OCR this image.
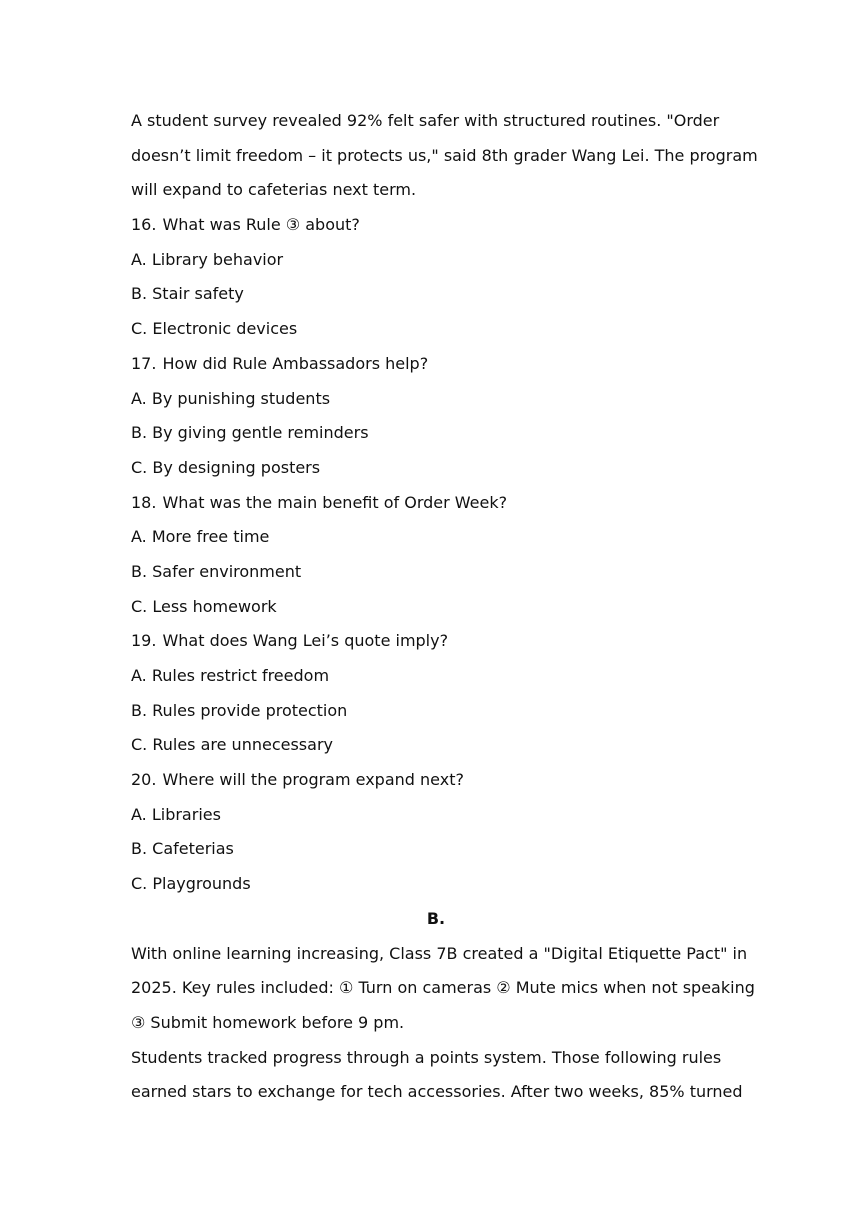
A student survey revealed 92% felt safer with structured routines. "Order
doesn’t limit freedom – it protects us," said 8th grader Wang Lei. The program
will expand to cafeterias next term.
16. What was Rule ③ about?
A. Library behavior
B. Stair safety
C. Electronic devices
17. How did Rule Ambassadors help?
A. By punishing students
B. By giving gentle reminders
C. By designing posters
18. What was the main benefit of Order Week?
A. More free time
B. Safer environment
C. Less homework
19. What does Wang Lei’s quote imply?
A. Rules restrict freedom
B. Rules provide protection
C. Rules are unnecessary
20. Where will the program expand next?
A. Libraries
B. Cafeterias
C. Playgrounds
B.
With online learning increasing, Class 7B created a "Digital Etiquette Pact" in
2025. Key rules included: ① Turn on cameras ② Mute mics when not speaking
③ Submit homework before 9 pm.
Students tracked progress through a points system. Those following rules
earned stars to exchange for tech accessories. After two weeks, 85% turned
